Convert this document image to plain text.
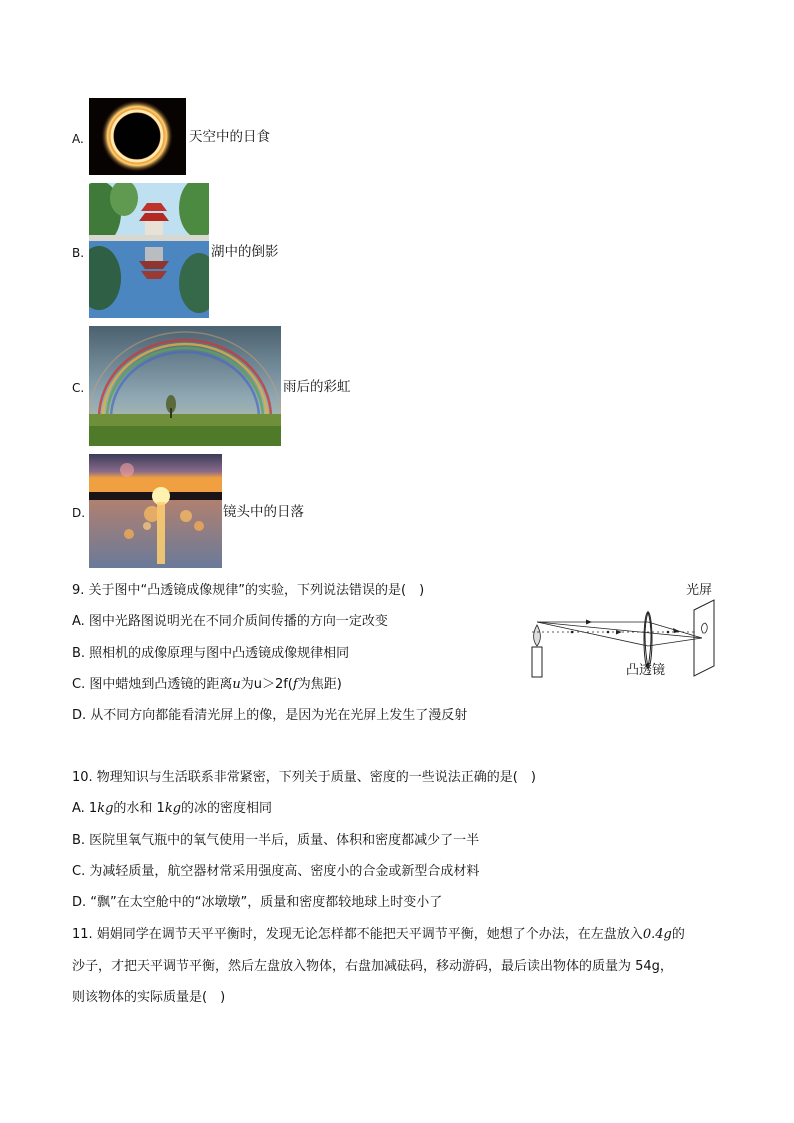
A.	天空中的日食
B.	湖中的倒影
C.	雨后的彩虹
D.	镜头中的日落
9. 关于图中“凸透镜成像规律”的实验，下列说法错误的是(　)
A. 图中光路图说明光在不同介质间传播的方向一定改变
B. 照相机的成像原理与图中凸透镜成像规律相同
C. 图中蜡烛到凸透镜的距离u为u＞2f(f为焦距)
D. 从不同方向都能看清光屏上的像，是因为光在光屏上发生了漫反射
光屏
凸透镜
10. 物理知识与生活联系非常紧密，下列关于质量、密度的一些说法正确的是(　)
A. 1kg的水和 1kg的冰的密度相同
B. 医院里氧气瓶中的氧气使用一半后，质量、体积和密度都减少了一半
C. 为减轻质量，航空器材常采用强度高、密度小的合金或新型合成材料
D. “飘”在太空舱中的“冰墩墩”，质量和密度都较地球上时变小了
11. 娟娟同学在调节天平平衡时，发现无论怎样都不能把天平调节平衡，她想了个办法，在左盘放入0.4g的
沙子，才把天平调节平衡，然后左盘放入物体，右盘加减砝码，移动游码，最后读出物体的质量为 54g，
则该物体的实际质量是(　)
